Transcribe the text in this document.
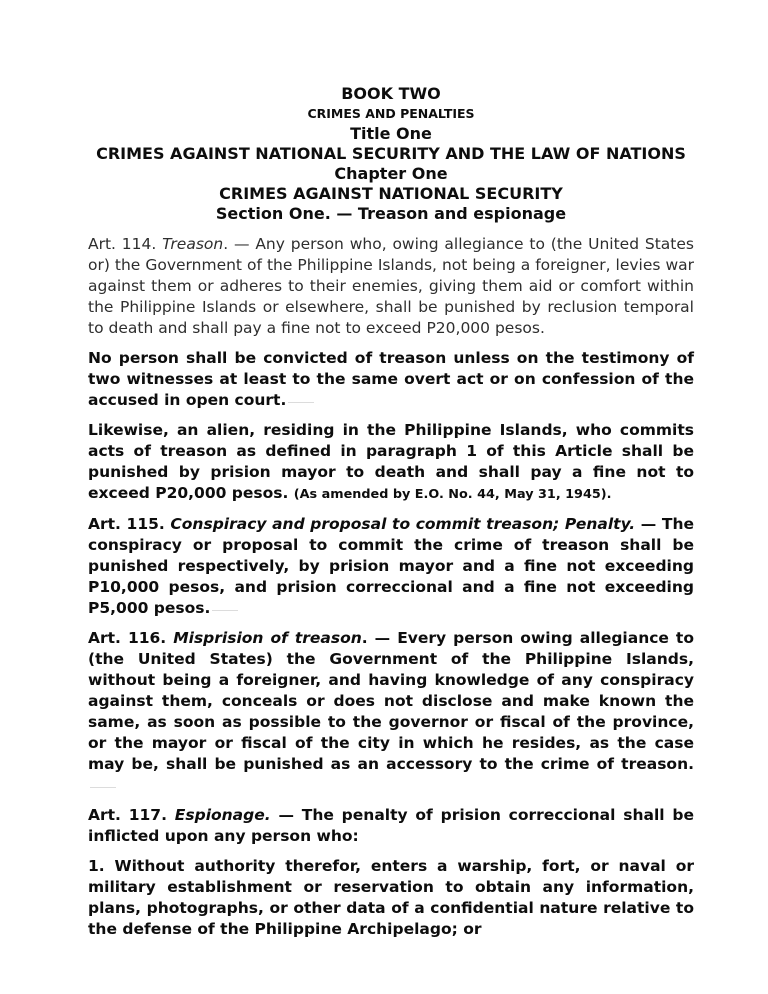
BOOK TWO
CRIMES AND PENALTIES
Title One
CRIMES AGAINST NATIONAL SECURITY AND THE LAW OF NATIONS
Chapter One
CRIMES AGAINST NATIONAL SECURITY
Section One. — Treason and espionage

Art. 114. Treason. — Any person who, owing allegiance to (the United States or) the Government of the Philippine Islands, not being a foreigner, levies war against them or adheres to their enemies, giving them aid or comfort within the Philippine Islands or elsewhere, shall be punished by reclusion temporal to death and shall pay a fine not to exceed P20,000 pesos.

No person shall be convicted of treason unless on the testimony of two witnesses at least to the same overt act or on confession of the accused in open court.

Likewise, an alien, residing in the Philippine Islands, who commits acts of treason as defined in paragraph 1 of this Article shall be punished by prision mayor to death and shall pay a fine not to exceed P20,000 pesos. (As amended by E.O. No. 44, May 31, 1945).

Art. 115. Conspiracy and proposal to commit treason; Penalty. — The conspiracy or proposal to commit the crime of treason shall be punished respectively, by prision mayor and a fine not exceeding P10,000 pesos, and prision correccional and a fine not exceeding P5,000 pesos.

Art. 116. Misprision of treason. — Every person owing allegiance to (the United States) the Government of the Philippine Islands, without being a foreigner, and having knowledge of any conspiracy against them, conceals or does not disclose and make known the same, as soon as possible to the governor or fiscal of the province, or the mayor or fiscal of the city in which he resides, as the case may be, shall be punished as an accessory to the crime of treason.

Art. 117. Espionage. — The penalty of prision correccional shall be inflicted upon any person who:

1. Without authority therefor, enters a warship, fort, or naval or military establishment or reservation to obtain any information, plans, photographs, or other data of a confidential nature relative to the defense of the Philippine Archipelago; or
